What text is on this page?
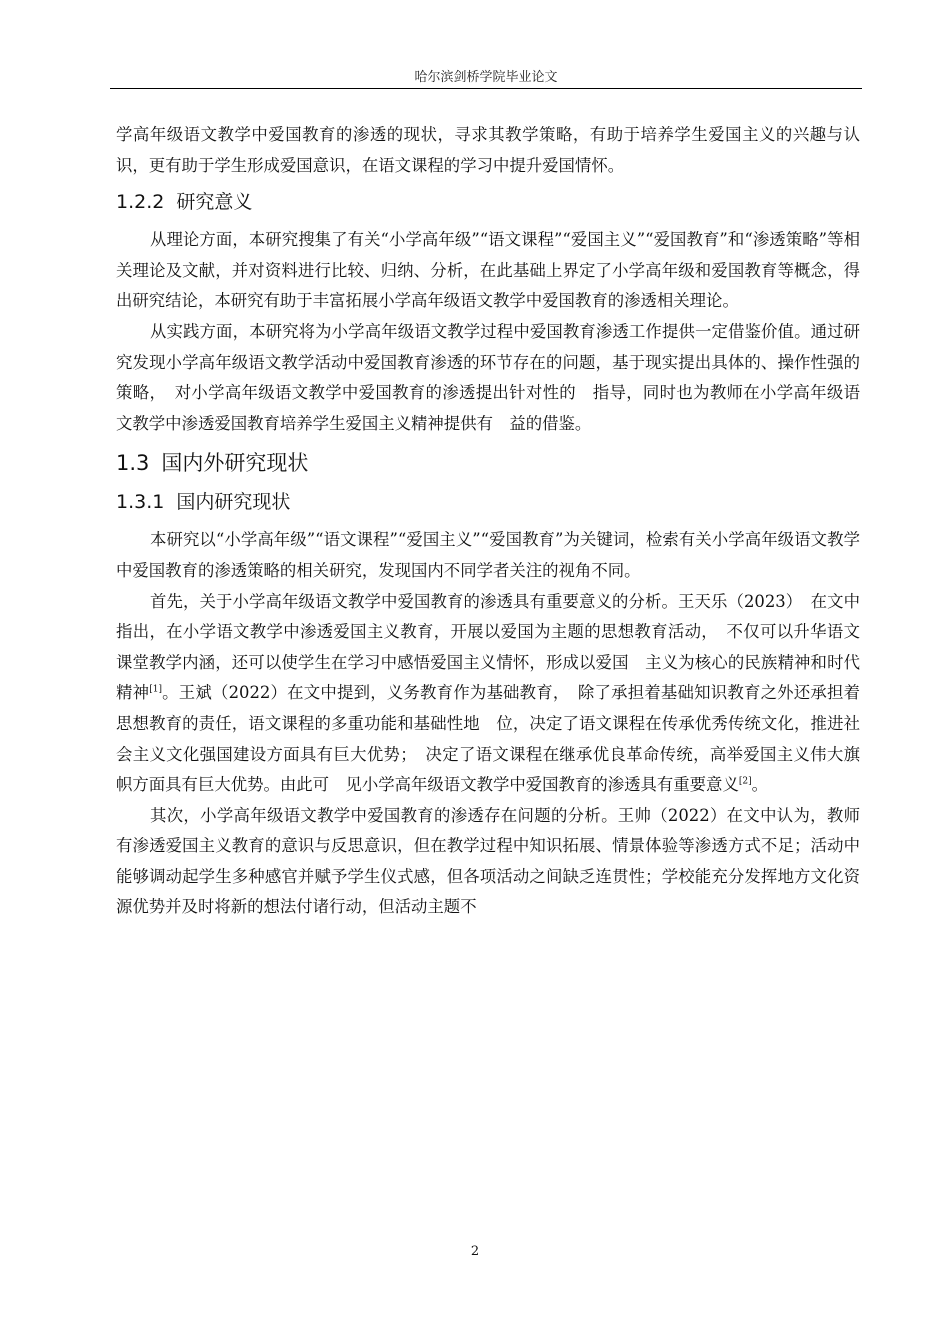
哈尔滨剑桥学院毕业论文

学高年级语文教学中爱国教育的渗透的现状，寻求其教学策略，有助于培养学生爱国主义的兴趣与认识，更有助于学生形成爱国意识，在语文课程的学习中提升爱国情怀。

1.2.2 研究意义

从理论方面，本研究搜集了有关“小学高年级”“语文课程”“爱国主义”“爱国教育”和“渗透策略”等相关理论及文献，并对资料进行比较、归纳、分析，在此基础上界定了小学高年级和爱国教育等概念，得出研究结论，本研究有助于丰富拓展小学高年级语文教学中爱国教育的渗透相关理论。

从实践方面，本研究将为小学高年级语文教学过程中爱国教育渗透工作提供一定借鉴价值。通过研究发现小学高年级语文教学活动中爱国教育渗透的环节存在的问题，基于现实提出具体的、操作性强的策略，　对小学高年级语文教学中爱国教育的渗透提出针对性的　指导，同时也为教师在小学高年级语文教学中渗透爱国教育培养学生爱国主义精神提供有　益的借鉴。

1.3 国内外研究现状
1.3.1 国内研究现状

本研究以“小学高年级”“语文课程”“爱国主义”“爱国教育”为关键词，检索有关小学高年级语文教学中爱国教育的渗透策略的相关研究，发现国内不同学者关注的视角不同。

首先，关于小学高年级语文教学中爱国教育的渗透具有重要意义的分析。王天乐（2023）　在文中指出，在小学语文教学中渗透爱国主义教育，开展以爱国为主题的思想教育活动，　不仅可以升华语文课堂教学内涵，还可以使学生在学习中感悟爱国主义情怀，形成以爱国　主义为核心的民族精神和时代精神[1]。王斌（2022）在文中提到，义务教育作为基础教育，　除了承担着基础知识教育之外还承担着思想教育的责任，语文课程的多重功能和基础性地　位，决定了语文课程在传承优秀传统文化，推进社会主义文化强国建设方面具有巨大优势；　决定了语文课程在继承优良革命传统，高举爱国主义伟大旗帜方面具有巨大优势。由此可　见小学高年级语文教学中爱国教育的渗透具有重要意义[2]。

其次，小学高年级语文教学中爱国教育的渗透存在问题的分析。王帅（2022）在文中认为，教师有渗透爱国主义教育的意识与反思意识，但在教学过程中知识拓展、情景体验等渗透方式不足；活动中能够调动起学生多种感官并赋予学生仪式感，但各项活动之间缺乏连贯性；学校能充分发挥地方文化资源优势并及时将新的想法付诸行动，但活动主题不

2
